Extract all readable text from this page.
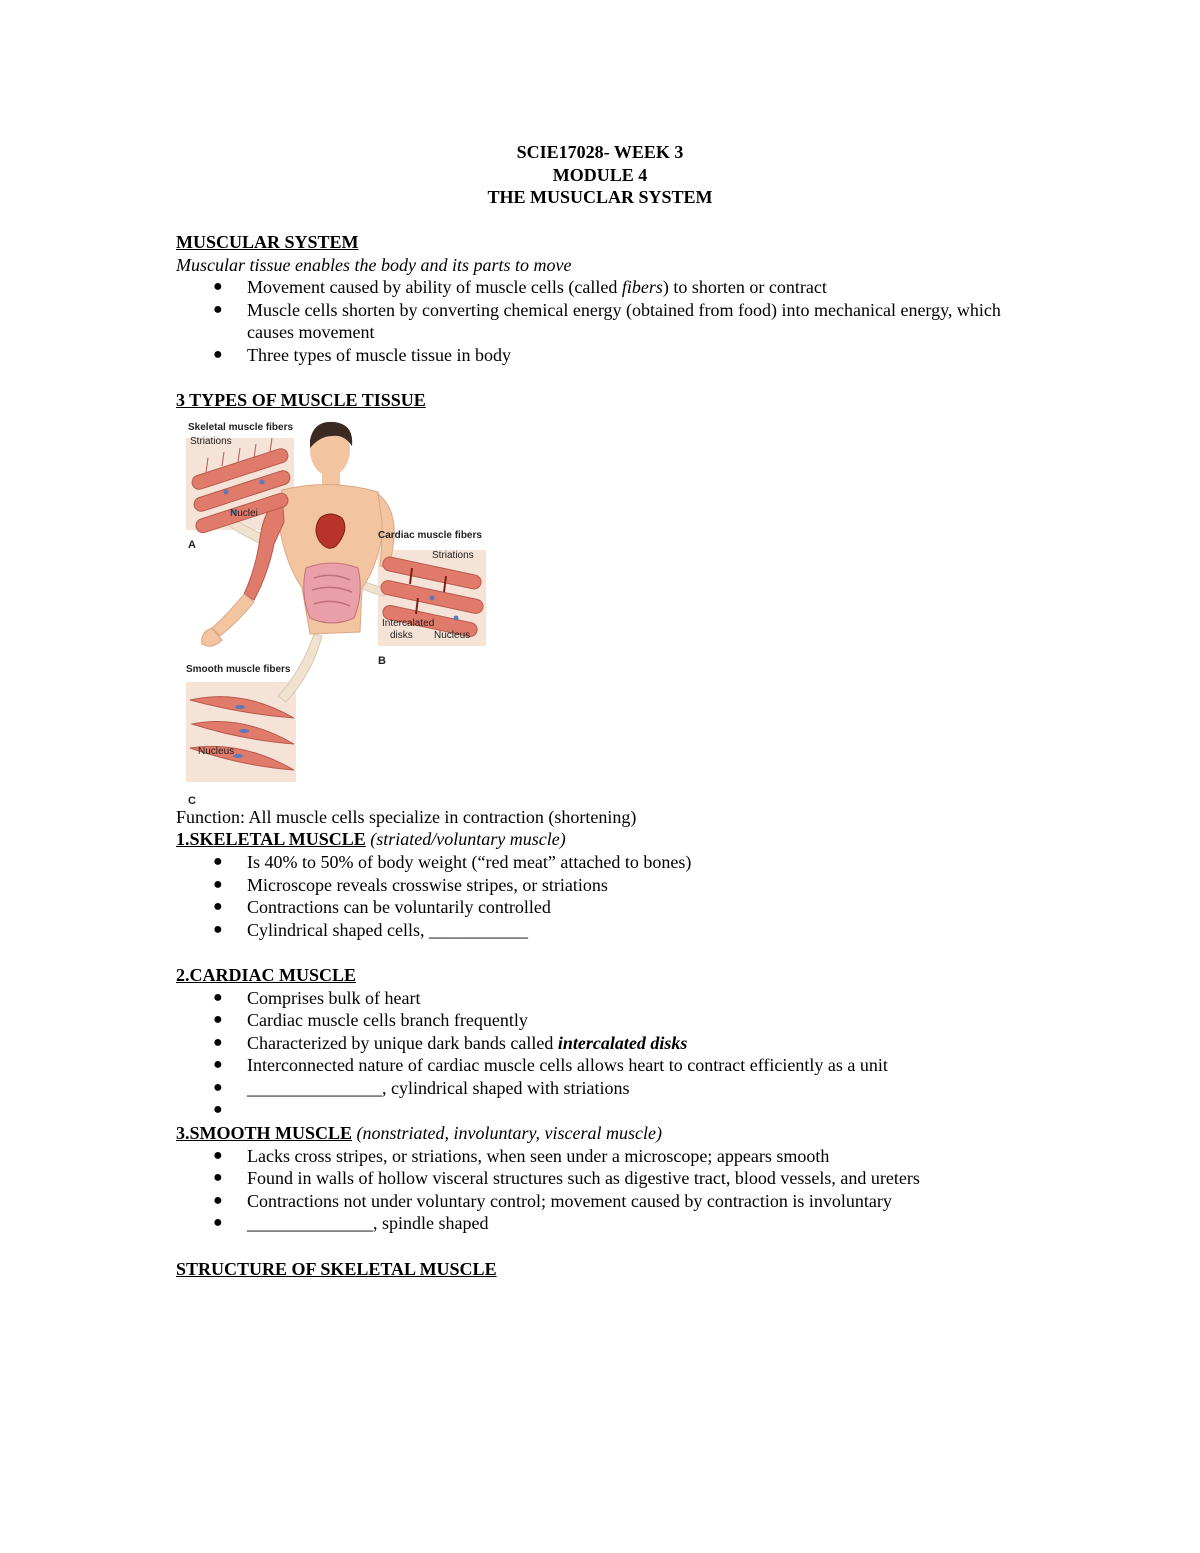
SCIE17028- WEEK 3
MODULE 4
THE MUSUCLAR SYSTEM

MUSCULAR SYSTEM

Muscular tissue enables the body and its parts to move

● Movement caused by ability of muscle cells (called fibers) to shorten or contract
● Muscle cells shorten by converting chemical energy (obtained from food) into mechanical energy, which causes movement
● Three types of muscle tissue in body

3 TYPES OF MUSCLE TISSUE

Skeletal muscle fibers
Striations
Nuclei
A
Cardiac muscle fibers
Striations
Intercalated
disks Nucleus
B
Smooth muscle fibers
Nucleus
C

Function: All muscle cells specialize in contraction (shortening)

1.SKELETAL MUSCLE (striated/voluntary muscle)

● Is 40% to 50% of body weight (“red meat” attached to bones)
● Microscope reveals crosswise stripes, or striations
● Contractions can be voluntarily controlled
● Cylindrical shaped cells, ___________

2.CARDIAC MUSCLE

● Comprises bulk of heart
● Cardiac muscle cells branch frequently
● Characterized by unique dark bands called intercalated disks
● Interconnected nature of cardiac muscle cells allows heart to contract efficiently as a unit
● _______________, cylindrical shaped with striations
●

3.SMOOTH MUSCLE (nonstriated, involuntary, visceral muscle)

● Lacks cross stripes, or striations, when seen under a microscope; appears smooth
● Found in walls of hollow visceral structures such as digestive tract, blood vessels, and ureters
● Contractions not under voluntary control; movement caused by contraction is involuntary
● ______________, spindle shaped

STRUCTURE OF SKELETAL MUSCLE
